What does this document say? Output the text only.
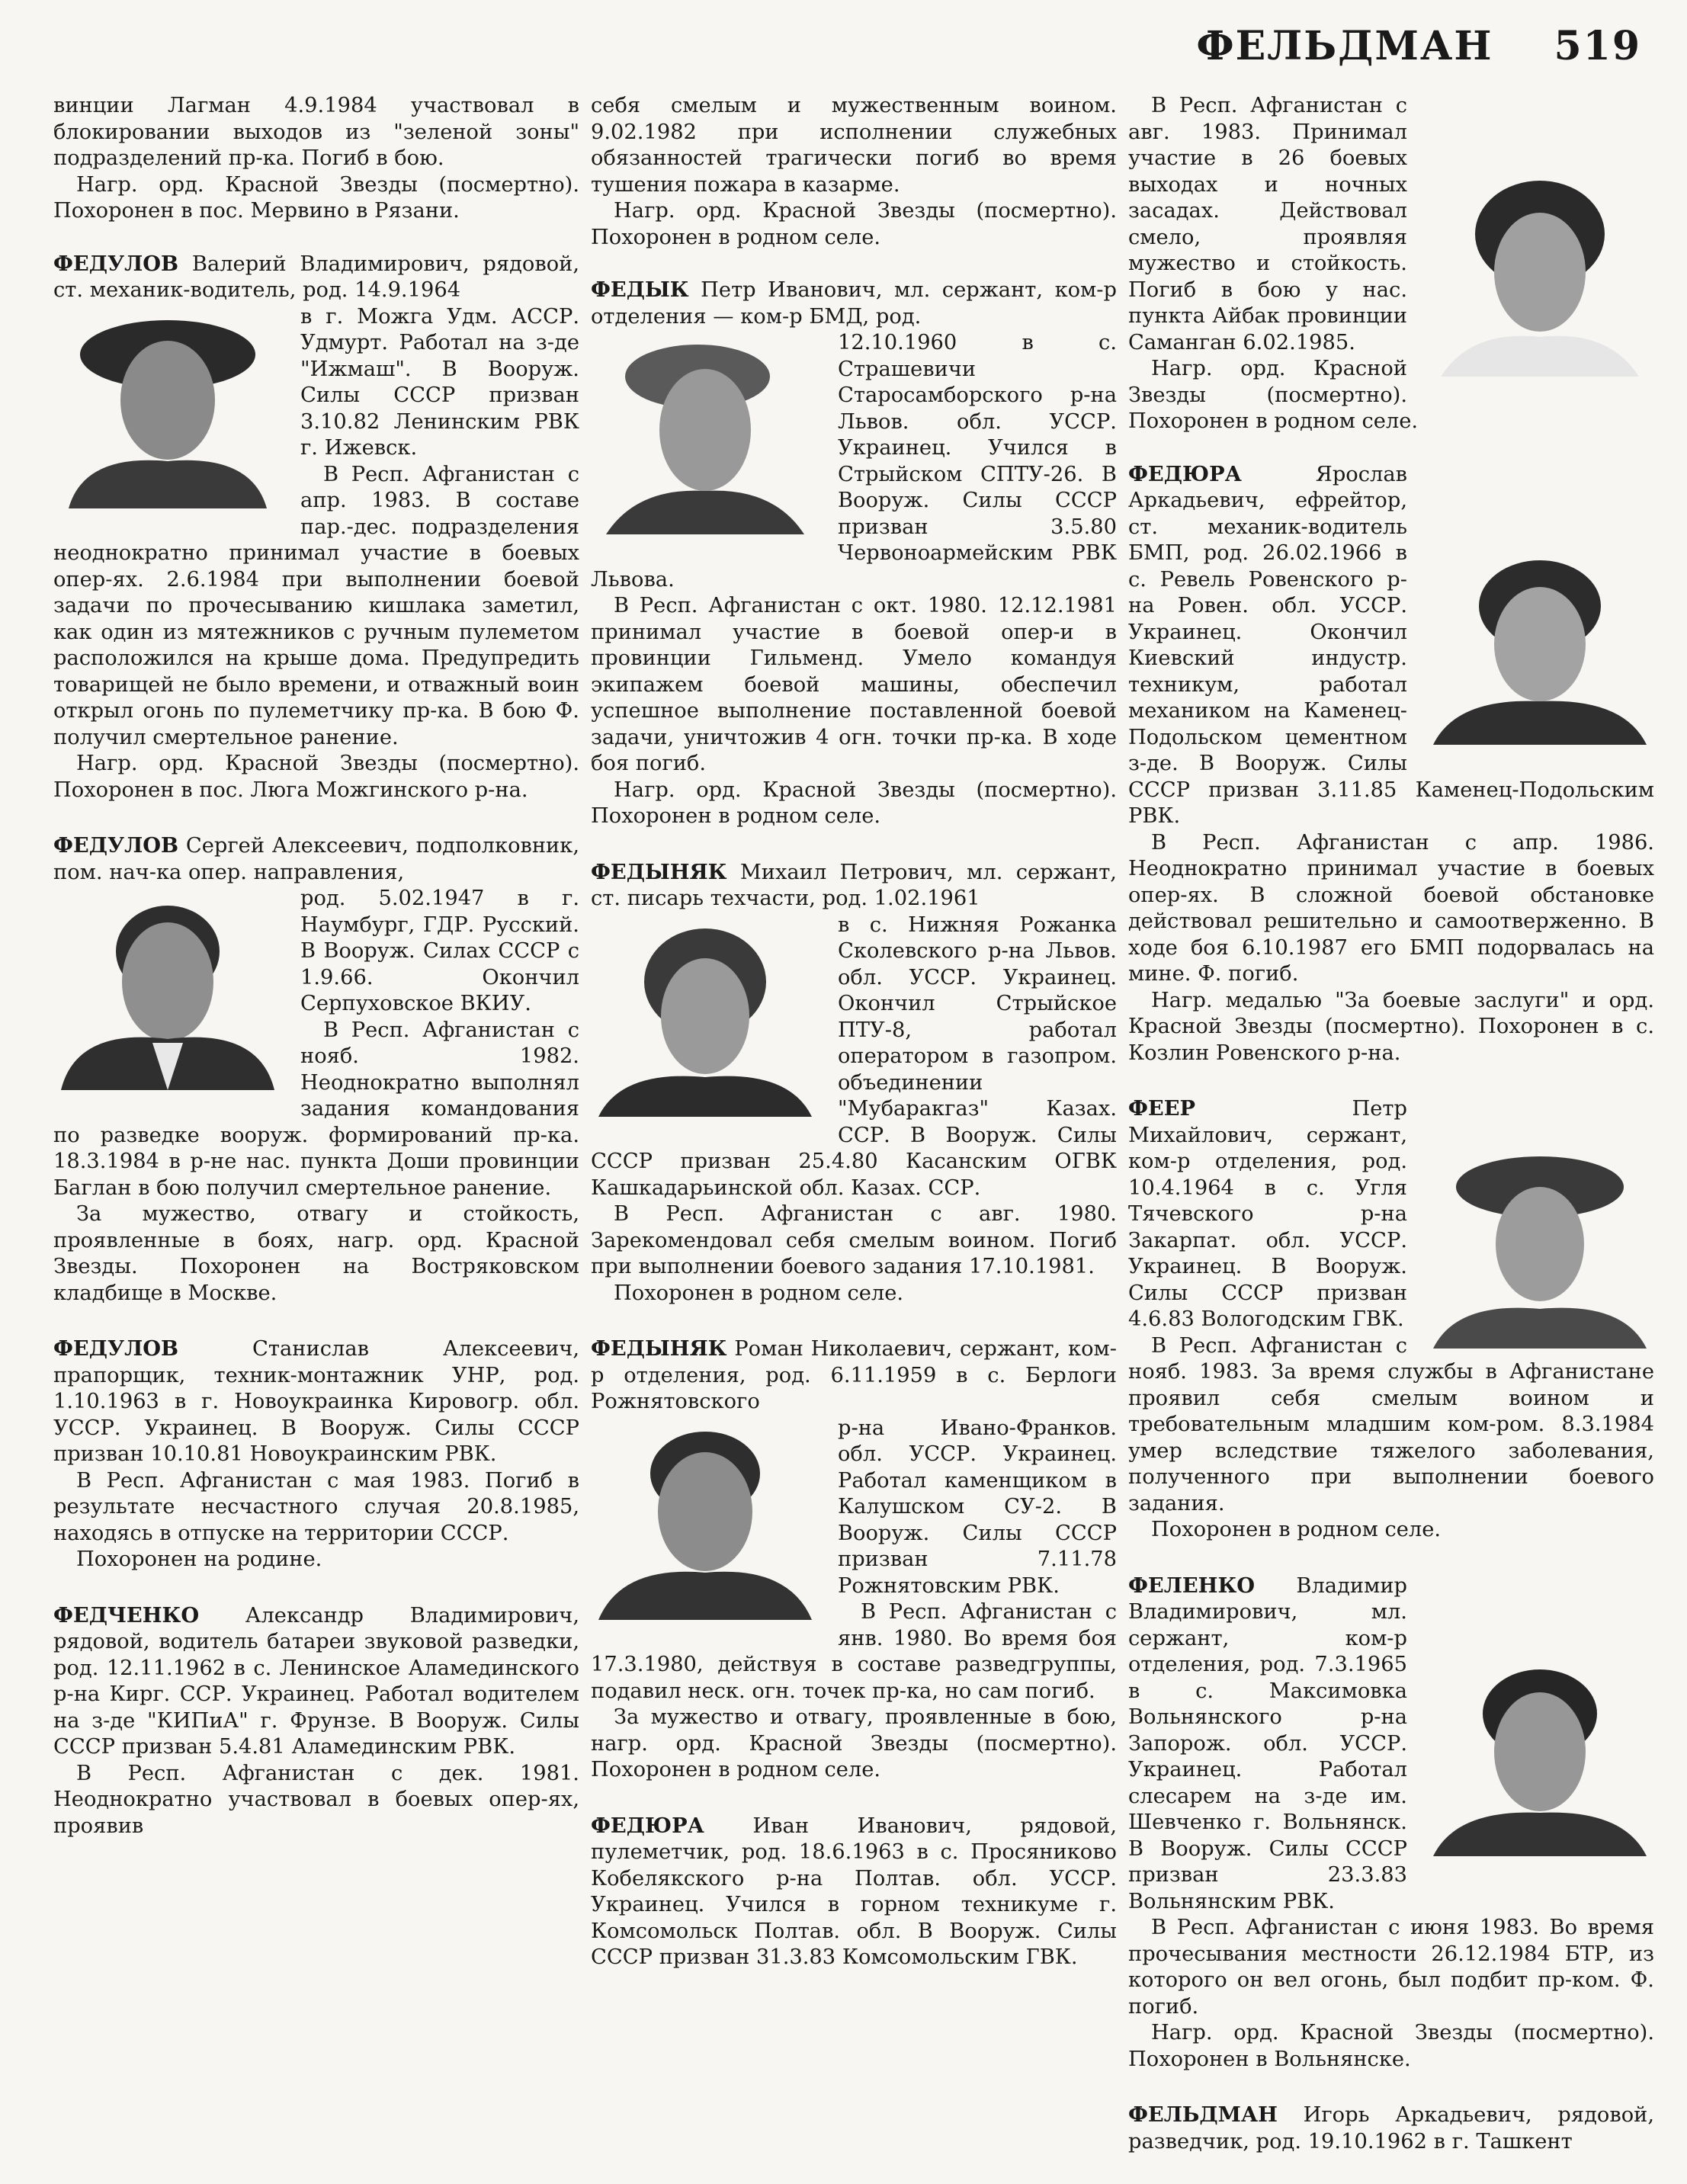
ФЕЛЬДМАН 519

винции Лагман 4.9.1984 участвовал в блокировании выходов из "зеленой зоны" подразделений пр-ка. Погиб в бою.

Нагр. орд. Красной Звезды (посмертно). Похоронен в пос. Мервино в Рязани.

ФЕДУЛОВ Валерий Владимирович, рядовой, ст. механик-водитель, род. 14.9.1964

в г. Можга Удм. АССР. Удмурт. Работал на з-де "Ижмаш". В Вооруж. Силы СССР призван 3.10.82 Ленинским РВК г. Ижевск.

В Респ. Афганистан с апр. 1983. В составе пар.-дес. подразделения неоднократно принимал участие в боевых опер-ях. 2.6.1984 при выполнении боевой задачи по прочесыванию кишлака заметил, как один из мятежников с ручным пулеметом расположился на крыше дома. Предупредить товарищей не было времени, и отважный воин открыл огонь по пулеметчику пр-ка. В бою Ф. получил смертельное ранение.

Нагр. орд. Красной Звезды (посмертно). Похоронен в пос. Люга Можгинского р-на.

ФЕДУЛОВ Сергей Алексеевич, подполковник, пом. нач-ка опер. направления,

род. 5.02.1947 в г. Наумбург, ГДР. Русский. В Вооруж. Силах СССР с 1.9.66. Окончил Серпуховское ВКИУ.

В Респ. Афганистан с нояб. 1982. Неоднократно выполнял задания командования по разведке вооруж. формирований пр-ка. 18.3.1984 в р-не нас. пункта Доши провинции Баглан в бою получил смертельное ранение.

За мужество, отвагу и стойкость, проявленные в боях, нагр. орд. Красной Звезды. Похоронен на Востряковском кладбище в Москве.

ФЕДУЛОВ Станислав Алексеевич, прапорщик, техник-монтажник УНР, род. 1.10.1963 в г. Новоукраинка Кировогр. обл. УССР. Украинец. В Вооруж. Силы СССР призван 10.10.81 Новоукраинским РВК.

В Респ. Афганистан с мая 1983. Погиб в результате несчастного случая 20.8.1985, находясь в отпуске на территории СССР.

Похоронен на родине.

ФЕДЧЕНКО Александр Владимирович, рядовой, водитель батареи звуковой разведки, род. 12.11.1962 в с. Ленинское Аламединского р-на Кирг. ССР. Украинец. Работал водителем на з-де "КИПиА" г. Фрунзе. В Вооруж. Силы СССР призван 5.4.81 Аламединским РВК.

В Респ. Афганистан с дек. 1981. Неоднократно участвовал в боевых опер-ях, проявив

себя смелым и мужественным воином. 9.02.1982 при исполнении служебных обязанностей трагически погиб во время тушения пожара в казарме.

Нагр. орд. Красной Звезды (посмертно). Похоронен в родном селе.

ФЕДЫК Петр Иванович, мл. сержант, ком-р отделения — ком-р БМД, род.

12.10.1960 в с. Страшевичи Старосамборского р-на Львов. обл. УССР. Украинец. Учился в Стрыйском СПТУ-26. В Вооруж. Силы СССР призван 3.5.80 Червоноармейским РВК Львова.

В Респ. Афганистан с окт. 1980. 12.12.1981 принимал участие в боевой опер-и в провинции Гильменд. Умело командуя экипажем боевой машины, обеспечил успешное выполнение поставленной боевой задачи, уничтожив 4 огн. точки пр-ка. В ходе боя погиб.

Нагр. орд. Красной Звезды (посмертно). Похоронен в родном селе.

ФЕДЫНЯК Михаил Петрович, мл. сержант, ст. писарь техчасти, род. 1.02.1961

в с. Нижняя Рожанка Сколевского р-на Львов. обл. УССР. Украинец. Окончил Стрыйское ПТУ-8, работал оператором в газопром. объединении "Мубаракгаз" Казах. ССР. В Вооруж. Силы СССР призван 25.4.80 Касанским ОГВК Кашкадарьинской обл. Казах. ССР.

В Респ. Афганистан с авг. 1980. Зарекомендовал себя смелым воином. Погиб при выполнении боевого задания 17.10.1981.

Похоронен в родном селе.

ФЕДЫНЯК Роман Николаевич, сержант, ком-р отделения, род. 6.11.1959 в с. Берлоги Рожнятовского

р-на Ивано-Франков. обл. УССР. Украинец. Работал каменщиком в Калушском СУ-2. В Вооруж. Силы СССР призван 7.11.78 Рожнятовским РВК.

В Респ. Афганистан с янв. 1980. Во время боя 17.3.1980, действуя в составе разведгруппы, подавил неск. огн. точек пр-ка, но сам погиб.

За мужество и отвагу, проявленные в бою, нагр. орд. Красной Звезды (посмертно). Похоронен в родном селе.

ФЕДЮРА Иван Иванович, рядовой, пулеметчик, род. 18.6.1963 в с. Просяниково Кобелякского р-на Полтав. обл. УССР. Украинец. Учился в горном техникуме г. Комсомольск Полтав. обл. В Вооруж. Силы СССР призван 31.3.83 Комсомольским ГВК.

В Респ. Афганистан с авг. 1983. Принимал участие в 26 боевых выходах и ночных засадах. Действовал смело, проявляя мужество и стойкость. Погиб в бою у нас. пункта Айбак провинции Саманган 6.02.1985.

Нагр. орд. Красной Звезды (посмертно). Похоронен в родном селе.

ФЕДЮРА Ярослав Аркадьевич, ефрейтор, ст. механик-водитель БМП, род. 26.02.1966 в с. Ревель Ровенского р-на Ровен. обл. УССР. Украинец. Окончил Киевский индустр. техникум, работал механиком на Каменец-Подольском цементном з-де. В Вооруж. Силы СССР призван 3.11.85 Каменец-Подольским РВК.

В Респ. Афганистан с апр. 1986. Неоднократно принимал участие в боевых опер-ях. В сложной боевой обстановке действовал решительно и самоотверженно. В ходе боя 6.10.1987 его БМП подорвалась на мине. Ф. погиб.

Нагр. медалью "За боевые заслуги" и орд. Красной Звезды (посмертно). Похоронен в с. Козлин Ровенского р-на.

ФЕЕР Петр Михайлович, сержант, ком-р отделения, род. 10.4.1964 в с. Угля Тячевского р-на Закарпат. обл. УССР. Украинец. В Вооруж. Силы СССР призван 4.6.83 Вологодским ГВК.

В Респ. Афганистан с нояб. 1983. За время службы в Афганистане проявил себя смелым воином и требовательным младшим ком-ром. 8.3.1984 умер вследствие тяжелого заболевания, полученного при выполнении боевого задания.

Похоронен в родном селе.

ФЕЛЕНКО Владимир Владимирович, мл. сержант, ком-р отделения, род. 7.3.1965 в с. Максимовка Вольнянского р-на Запорож. обл. УССР. Украинец. Работал слесарем на з-де им. Шевченко г. Вольнянск. В Вооруж. Силы СССР призван 23.3.83 Вольнянским РВК.

В Респ. Афганистан с июня 1983. Во время прочесывания местности 26.12.1984 БТР, из которого он вел огонь, был подбит пр-ком. Ф. погиб.

Нагр. орд. Красной Звезды (посмертно). Похоронен в Вольнянске.

ФЕЛЬДМАН Игорь Аркадьевич, рядовой, разведчик, род. 19.10.1962 в г. Ташкент
